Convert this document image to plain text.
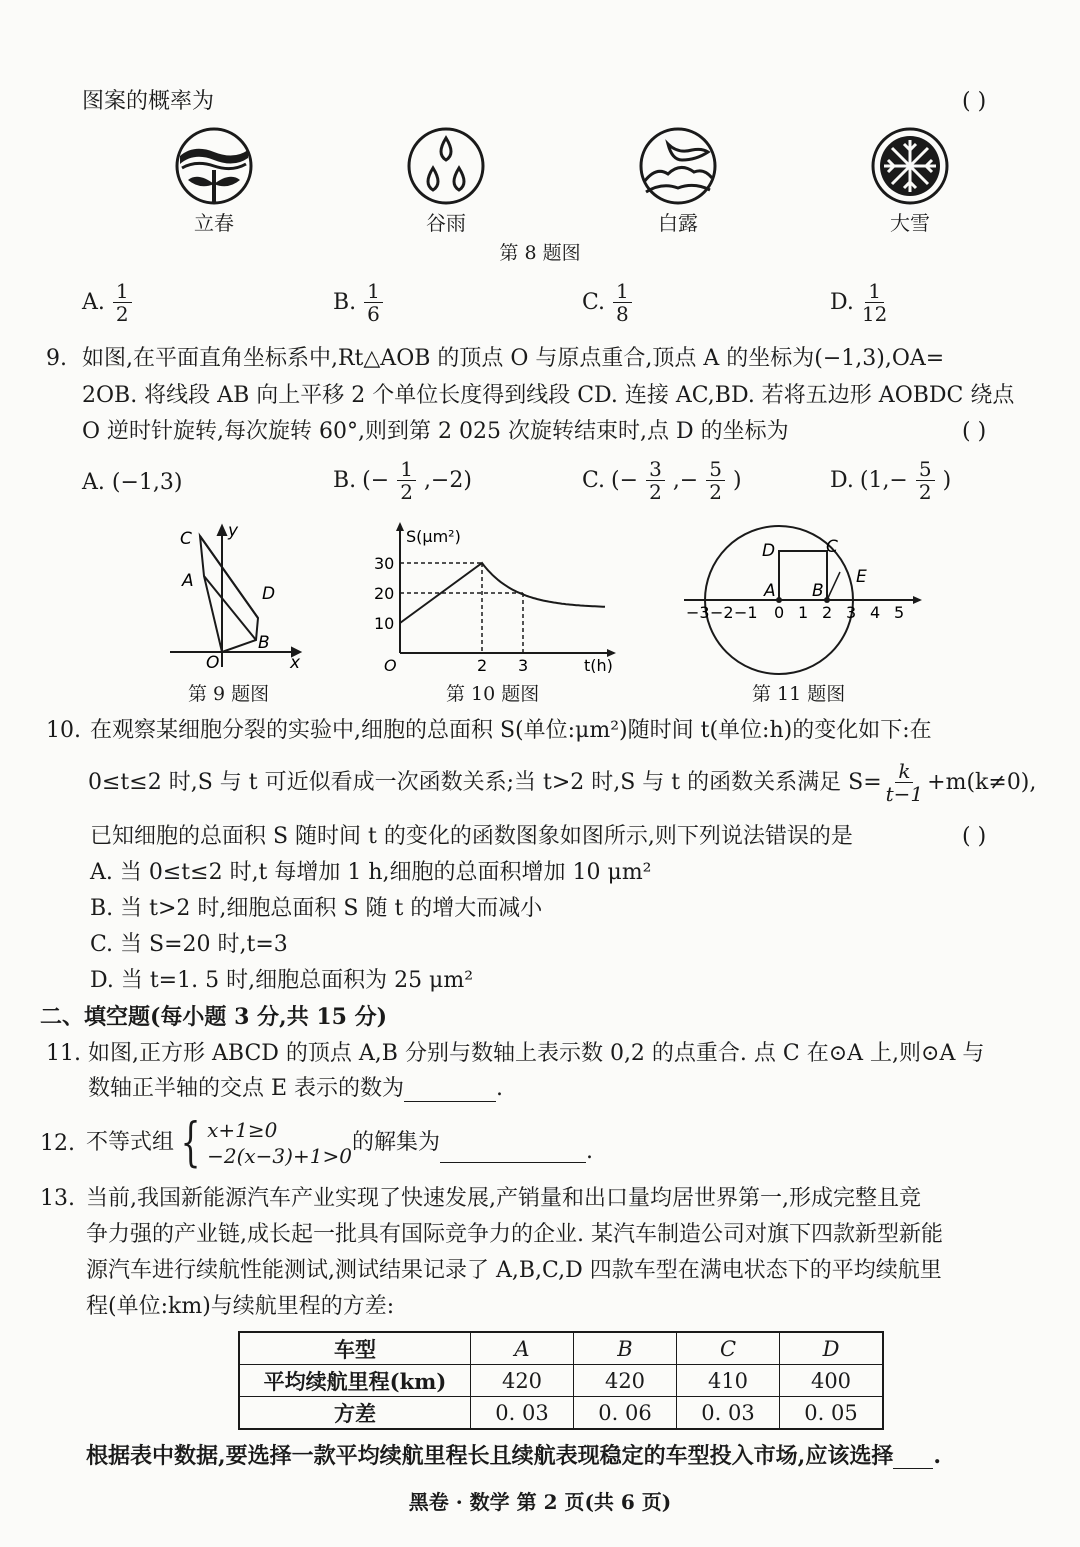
图案的概率为	( )
立春	谷雨	白露	大雪
第 8 题图
A. $\frac{1}{2}$	B. $\frac{1}{6}$	C. $\frac{1}{8}$	D. $\frac{1}{12}$
9. 如图,在平面直角坐标系中,Rt△AOB 的顶点 O 与原点重合,顶点 A 的坐标为(−1,3),OA=
2OB. 将线段 AB 向上平移 2 个单位长度得到线段 CD. 连接 AC,BD. 若将五边形 AOBDC 绕点
O 逆时针旋转,每次旋转 60°,则到第 2 025 次旋转结束时,点 D 的坐标为	( )
A. (−1,3)	B. (− $\frac{1}{2} ,-2$)	C. (− $\frac{3}{2}$ ,− $\frac{5}{2}$ )	D. ($1,- \frac{5}{2}$ )
C y
A
D
B
O	x
第 9 题图
10
20
30
2 3
S(μm²)
t(h)
O
第 10 题图
D	C
A B
E
−3 −2 −1 0 1 2 3 4 5
第 11 题图
10. 在观察某细胞分裂的实验中,细胞的总面积 S(单位:μm²)随时间 t(单位:h)的变化如下:在
0≤t≤2 时,S 与 t 可近似看成一次函数关系;当 t>2 时,S 与 t 的函数关系满足 $S= \frac{k}{t-1} +m(k\ne 0)$,
已知细胞的总面积 S 随时间 t 的变化的函数图象如图所示,则下列说法错误的是	( )
A. 当 0≤t≤2 时,t 每增加 1 h,细胞的总面积增加 10 μm²
B. 当 t>2 时,细胞总面积 S 随 t 的增大而减小
C. 当 S=20 时,t=3
D. 当 t=1. 5 时,细胞总面积为 25 μm²
二、填空题(每小题 3 分,共 15 分)
11. 如图,正方形 ABCD 的顶点 A,B 分别与数轴上表示数 0,2 的点重合. 点 C 在⊙A 上,则⊙A 与
数轴正半轴的交点 E 表示的数为	.
12. 不等式组 { x+1≥0
−2(x−3)+1>0
的解集为	.
13. 当前,我国新能源汽车产业实现了快速发展,产销量和出口量均居世界第一,形成完整且竞
争力强的产业链,成长起一批具有国际竞争力的企业. 某汽车制造公司对旗下四款新型新能
源汽车进行续航性能测试,测试结果记录了 A,B,C,D 四款车型在满电状态下的平均续航里
程(单位:km)与续航里程的方差:
车型	A	B	C	D
平均续航里程(km)	420	420	410	400
方差	0. 03	0. 06	0. 03	0. 05
根据表中数据,要选择一款平均续航里程长且续航表现稳定的车型投入市场,应该选择 .
黑卷 · 数学 第 2 页(共 6 页)
